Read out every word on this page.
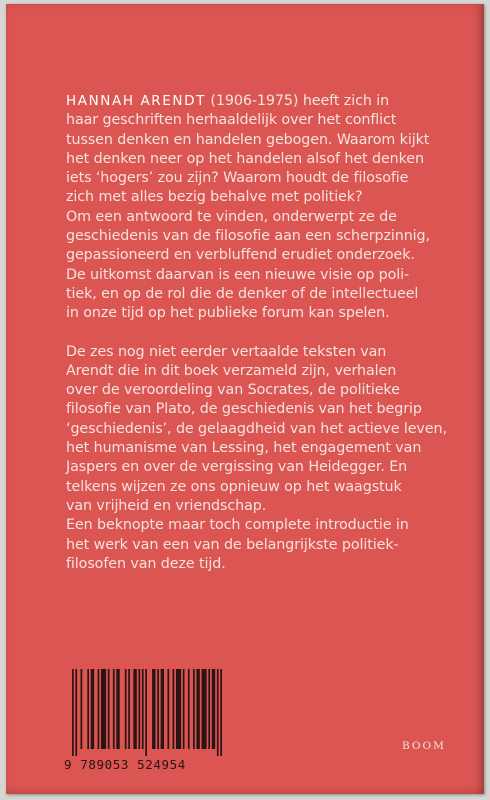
HANNAH ARENDT (1906-1975) heeft zich in
haar geschriften herhaaldelijk over het conflict
tussen denken en handelen gebogen. Waarom kijkt
het denken neer op het handelen alsof het denken
iets ‘hogers’ zou zijn? Waarom houdt de filosofie
zich met alles bezig behalve met politiek?
Om een antwoord te vinden, onderwerpt ze de
geschiedenis van de filosofie aan een scherpzinnig,
gepassioneerd en verbluffend erudiet onderzoek.
De uitkomst daarvan is een nieuwe visie op poli-
tiek, en op de rol die de denker of de intellectueel
in onze tijd op het publieke forum kan spelen.

De zes nog niet eerder vertaalde teksten van
Arendt die in dit boek verzameld zijn, verhalen
over de veroordeling van Socrates, de politieke
filosofie van Plato, de geschiedenis van het begrip
‘geschiedenis’, de gelaagdheid van het actieve leven,
het humanisme van Lessing, het engagement van
Jaspers en over de vergissing van Heidegger. En
telkens wijzen ze ons opnieuw op het waagstuk
van vrijheid en vriendschap.
Een beknopte maar toch complete introductie in
het werk van een van de belangrijkste politiek-
filosofen van deze tijd.

9 789053 524954
BOOM
